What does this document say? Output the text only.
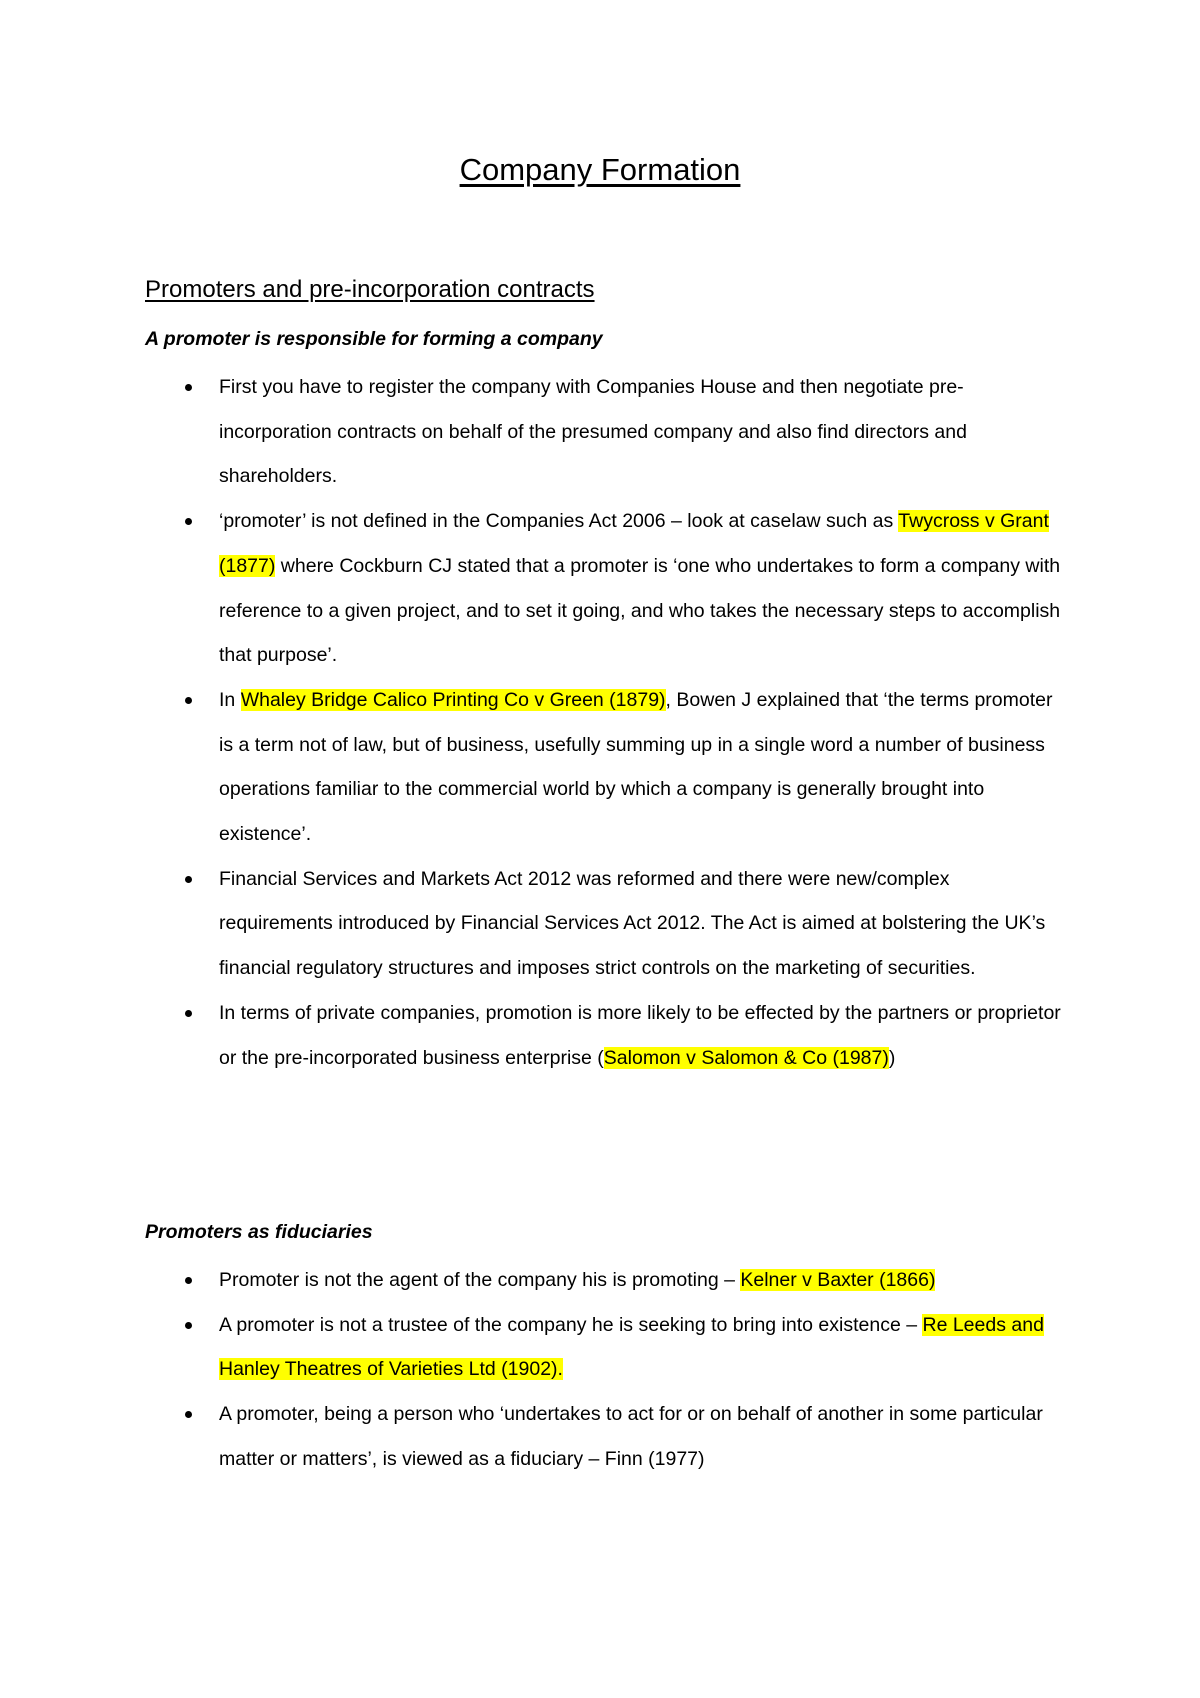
Company Formation
Promoters and pre-incorporation contracts
A promoter is responsible for forming a company
First you have to register the company with Companies House and then negotiate pre-incorporation contracts on behalf of the presumed company and also find directors and shareholders.
‘promoter’ is not defined in the Companies Act 2006 – look at caselaw such as Twycross v Grant (1877) where Cockburn CJ stated that a promoter is ‘one who undertakes to form a company with reference to a given project, and to set it going, and who takes the necessary steps to accomplish that purpose’.
In Whaley Bridge Calico Printing Co v Green (1879), Bowen J explained that ‘the terms promoter is a term not of law, but of business, usefully summing up in a single word a number of business operations familiar to the commercial world by which a company is generally brought into existence’.
Financial Services and Markets Act 2012 was reformed and there were new/complex requirements introduced by Financial Services Act 2012. The Act is aimed at bolstering the UK’s financial regulatory structures and imposes strict controls on the marketing of securities.
In terms of private companies, promotion is more likely to be effected by the partners or proprietor or the pre-incorporated business enterprise (Salomon v Salomon & Co (1987))
Promoters as fiduciaries
Promoter is not the agent of the company his is promoting – Kelner v Baxter (1866)
A promoter is not a trustee of the company he is seeking to bring into existence – Re Leeds and Hanley Theatres of Varieties Ltd (1902).
A promoter, being a person who ‘undertakes to act for or on behalf of another in some particular matter or matters’, is viewed as a fiduciary – Finn (1977)
